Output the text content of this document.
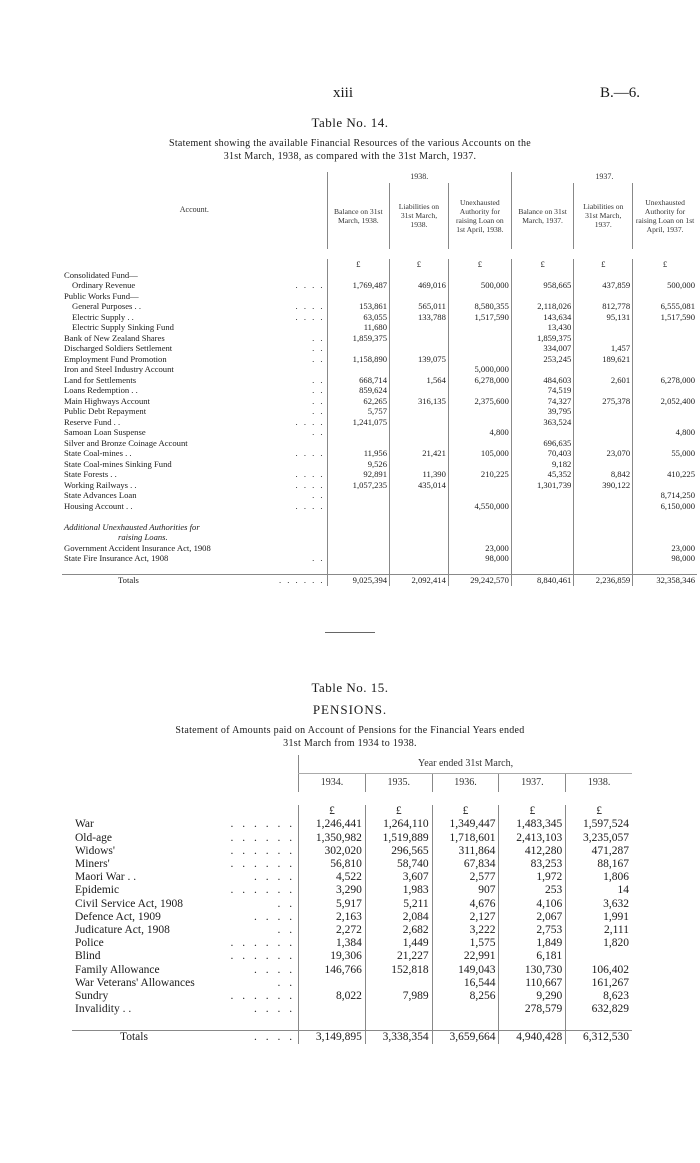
xiii	B.—6.
Table No. 14.
Statement showing the available Financial Resources of the various Accounts on the
31st March, 1938, as compared with the 31st March, 1937.
Account.		1938.			1937.		
		Balance on 31st March, 1938.	Liabilities on 31st March, 1938.	Unexhausted Authority for raising Loan on 1st April, 1938.	Balance on 31st March, 1937.	Liabilities on 31st March, 1937.	Unexhausted Authority for raising Loan on 1st April, 1937.

		£	£	£	£	£	£
Consolidated Fund—							
Ordinary Revenue	. . . .	1,769,487	469,016	500,000	958,665	437,859	500,000
Public Works Fund—							
General Purposes . .	. . . .	153,861	565,011	8,580,355	2,118,026	812,778	6,555,081
Electric Supply . .	. . . .	63,055	133,788	1,517,590	143,634	95,131	1,517,590
Electric Supply Sinking Fund		11,680			13,430		
Bank of New Zealand Shares	. .	1,859,375			1,859,375		
Discharged Soldiers Settlement	. .				334,007	1,457	
Employment Fund Promotion	. .	1,158,890	139,075		253,245	189,621	
Iron and Steel Industry Account				5,000,000			
Land for Settlements	. .	668,714	1,564	6,278,000	484,603	2,601	6,278,000
Loans Redemption . .	. .	859,624			74,519		
Main Highways Account	. .	62,265	316,135	2,375,600	74,327	275,378	2,052,400
Public Debt Repayment	. .	5,757			39,795		
Reserve Fund . .	. . . .	1,241,075			363,524		
Samoan Loan Suspense	. .			4,800			4,800
Silver and Bronze Coinage Account					696,635		
State Coal-mines . .	. . . .	11,956	21,421	105,000	70,403	23,070	55,000
State Coal-mines Sinking Fund		9,526			9,182		
State Forests . .	. . . .	92,891	11,390	210,225	45,352	8,842	410,225
Working Railways . .	. . . .	1,057,235	435,014		1,301,739	390,122	
State Advances Loan	. .						8,714,250
Housing Account . .	. . . .			4,550,000			6,150,000

Additional Unexhausted Authorities for							
raising Loans.							
Government Accident Insurance Act, 1908				23,000			23,000
State Fire Insurance Act, 1908	. .			98,000			98,000

Totals	. . . . . .	9,025,394	2,092,414	29,242,570	8,840,461	2,236,859	32,358,346
Table No. 15.
PENSIONS.
Statement of Amounts paid on Account of Pensions for the Financial Years ended
31st March from 1934 to 1938.
		Year ended 31st March,				
		1934.	1935.	1936.	1937.	1938.

		£	£	£	£	£
War	. . . . . .	1,246,441	1,264,110	1,349,447	1,483,345	1,597,524
Old-age	. . . . . .	1,350,982	1,519,889	1,718,601	2,413,103	3,235,057
Widows'	. . . . . .	302,020	296,565	311,864	412,280	471,287
Miners'	. . . . . .	56,810	58,740	67,834	83,253	88,167
Maori War . .	. . . .	4,522	3,607	2,577	1,972	1,806
Epidemic	. . . . . .	3,290	1,983	907	253	14
Civil Service Act, 1908	. .	5,917	5,211	4,676	4,106	3,632
Defence Act, 1909	. . . .	2,163	2,084	2,127	2,067	1,991
Judicature Act, 1908	. .	2,272	2,682	3,222	2,753	2,111
Police	. . . . . .	1,384	1,449	1,575	1,849	1,820
Blind	. . . . . .	19,306	21,227	22,991	6,181	
Family Allowance	. . . .	146,766	152,818	149,043	130,730	106,402
War Veterans' Allowances	. .			16,544	110,667	161,267
Sundry	. . . . . .	8,022	7,989	8,256	9,290	8,623
Invalidity . .	. . . .				278,579	632,829

Totals	. . . .	3,149,895	3,338,354	3,659,664	4,940,428	6,312,530
